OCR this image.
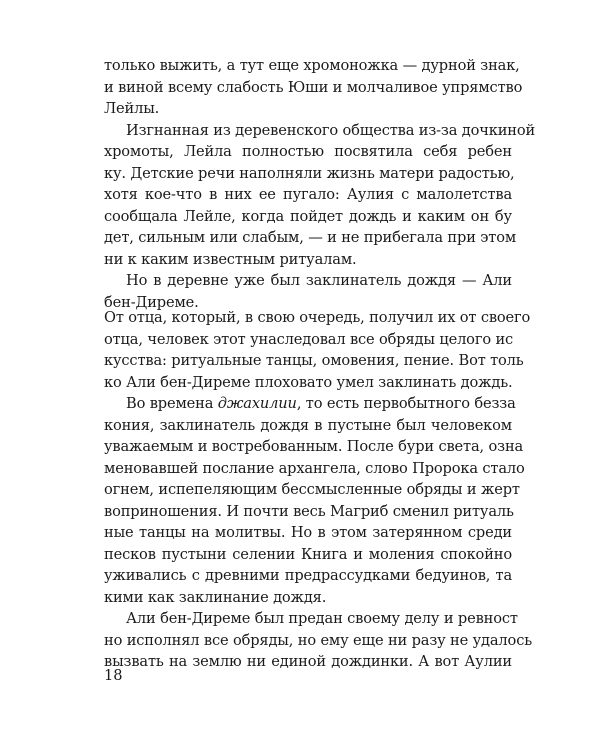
только выжить, а тут еще хромоножка — дурной знак,
и виной всему слабость Юши и молчаливое упрямство
Лейлы.
Изгнанная из деревенского общества из-за дочкиной
хромоты, Лейла полностью посвятила себя ребен
ку. Детские речи наполняли жизнь матери радостью,
хотя кое-что в них ее пугало: Аулия с малолетства
сообщала Лейле, когда пойдет дождь и каким он бу
дет, сильным или слабым, — и не прибегала при этом
ни к каким известным ритуалам.
Но в деревне уже был заклинатель дождя — Али
бен-Диреме.
От отца, который, в свою очередь, получил их от своего
отца, человек этот унаследовал все обряды целого ис
кусства: ритуальные танцы, омовения, пение. Вот толь
ко Али бен-Диреме плоховато умел заклинать дождь.
Во времена джахилии, то есть первобытного безза
кония, заклинатель дождя в пустыне был человеком
уважаемым и востребованным. После бури света, озна
меновавшей послание архангела, слово Пророка стало
огнем, испепеляющим бессмысленные обряды и жерт
воприношения. И почти весь Магриб сменил ритуаль
ные танцы на молитвы. Но в этом затерянном среди
песков пустыни селении Книга и моления спокойно
уживались с древними предрассудками бедуинов, та
кими как заклинание дождя.
Али бен-Диреме был предан своему делу и ревност
но исполнял все обряды, но ему еще ни разу не удалось
вызвать на землю ни единой дождинки. А вот Аулии
18
